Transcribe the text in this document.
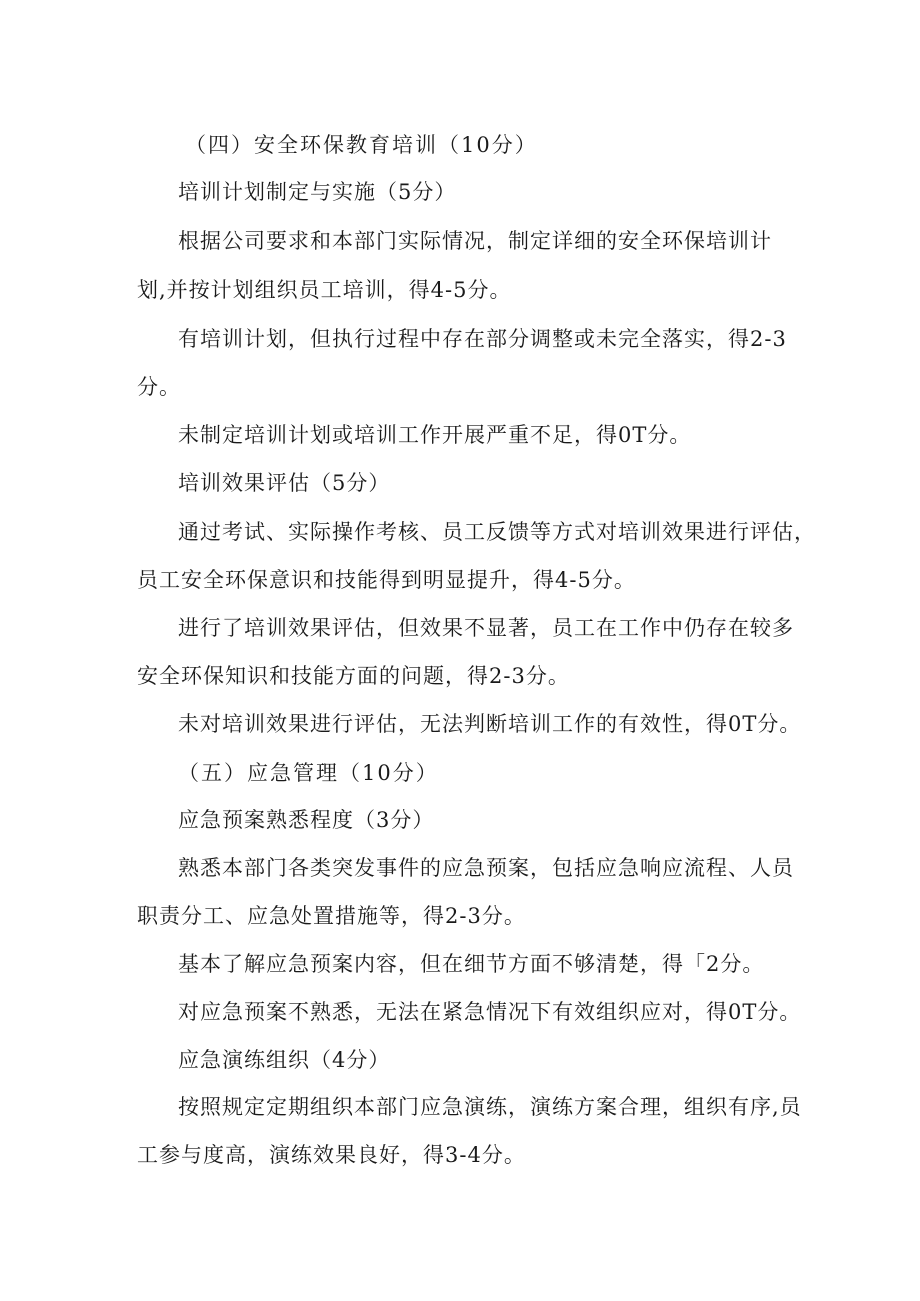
（四）安全环保教育培训（10分）
培训计划制定与实施（5分）
根据公司要求和本部门实际情况，制定详细的安全环保培训计
划,并按计划组织员工培训，得4-5分。
有培训计划，但执行过程中存在部分调整或未完全落实，得2-3
分。
未制定培训计划或培训工作开展严重不足，得0T分。
培训效果评估（5分）
通过考试、实际操作考核、员工反馈等方式对培训效果进行评估，
员工安全环保意识和技能得到明显提升，得4-5分。
进行了培训效果评估，但效果不显著，员工在工作中仍存在较多
安全环保知识和技能方面的问题，得2-3分。
未对培训效果进行评估，无法判断培训工作的有效性，得0T分。
（五）应急管理（10分）
应急预案熟悉程度（3分）
熟悉本部门各类突发事件的应急预案，包括应急响应流程、人员
职责分工、应急处置措施等，得2-3分。
基本了解应急预案内容，但在细节方面不够清楚，得「2分。
对应急预案不熟悉，无法在紧急情况下有效组织应对，得0T分。
应急演练组织（4分）
按照规定定期组织本部门应急演练，演练方案合理，组织有序,员
工参与度高，演练效果良好，得3-4分。
